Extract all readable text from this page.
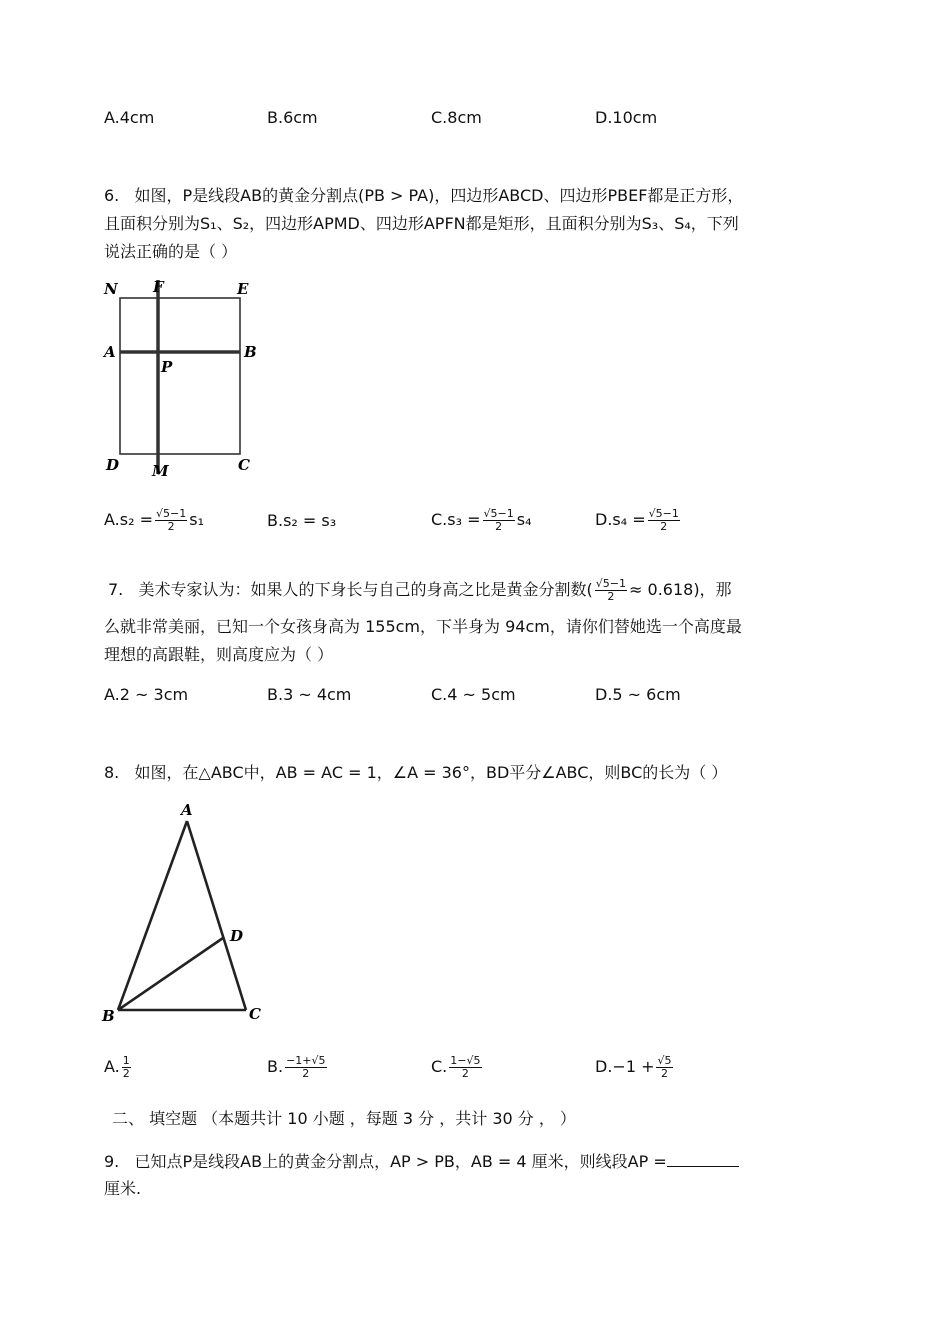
A.4cm	B.6cm	C.8cm	D.10cm
6. 如图，P是线段AB的黄金分割点(PB > PA)，四边形ABCD、四边形PBEF都是正方形，
且面积分别为S₁、S₂，四边形APMD、四边形APFN都是矩形，且面积分别为S₃、S₄，下列
说法正确的是（ ）
N F	E
A
P
B
D M	C
$A.s_2 = \frac{√5-1}{2} s_1$	B.s₂ = s₃	$C.s_3 = \frac{√5-1}{2} s_4$	$D.s_4 = \frac{√5-1}{2}$
7. 美术专家认为：如果人的下身长与自己的身高之比是黄金分割数( $\frac{√5-1}{2} \approx 0.618$)，那
么就非常美丽，已知一个女孩身高为 155cm，下半身为 94cm，请你们替她选一个高度最
理想的高跟鞋，则高度应为（ ）
A.2 ~ 3cm	B.3 ~ 4cm	C.4 ~ 5cm	D.5 ~ 6cm
8. 如图，在△ABC中，AB = AC = 1，∠A = 36°，BD平分∠ABC，则BC的长为（ ）
A
D
B	C
A. $\frac{1}{2}$	B. $\frac{-1+√5}{2}$	C. $\frac{1-√5}{2}$	$D.-1 + \frac{√5}{2}$
二、 填空题 （本题共计 10 小题 ，每题 3 分 ，共计 30 分 ， ）
9. 已知点P是线段AB上的黄金分割点，AP > PB，AB = 4 厘米，则线段AP =
厘米.
